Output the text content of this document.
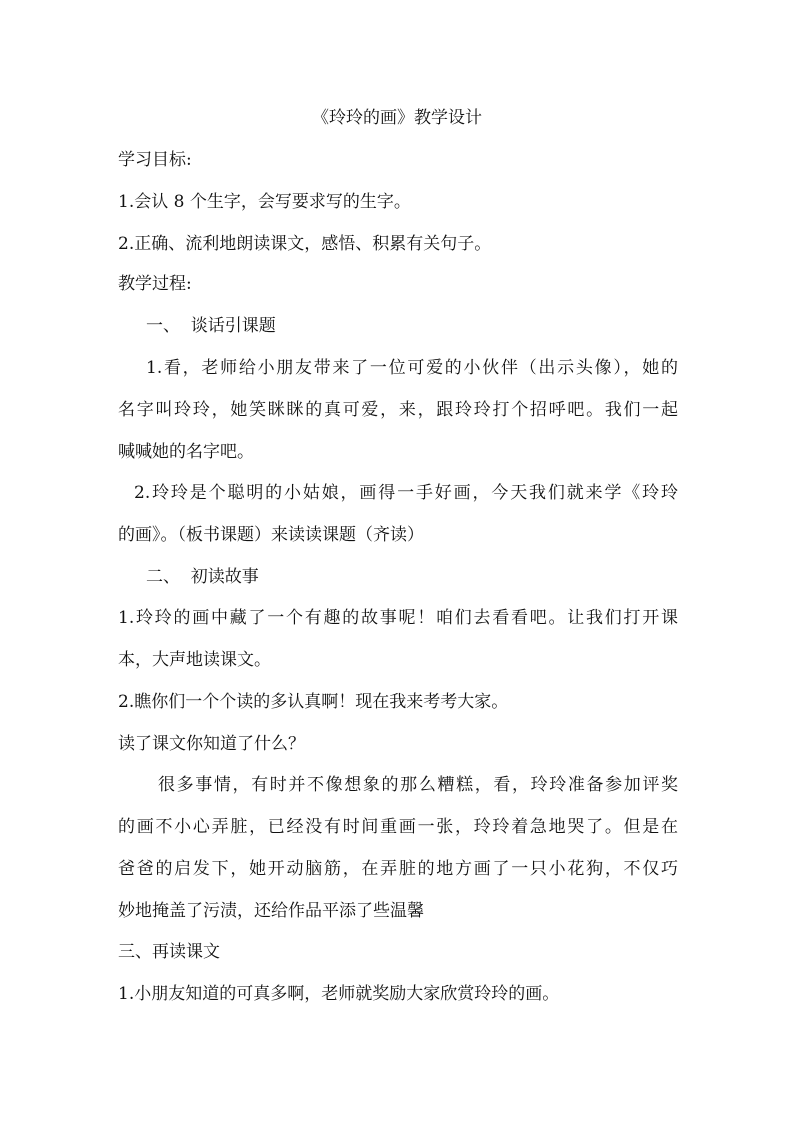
《玲玲的画》教学设计
学习目标:
1.会认 8 个生字，会写要求写的生字。
2.正确、流利地朗读课文，感悟、积累有关句子。
教学过程:
一、  谈话引课题
1.看，老师给小朋友带来了一位可爱的小伙伴（出示头像），她的
名字叫玲玲，她笑眯眯的真可爱，来，跟玲玲打个招呼吧。我们一起
喊喊她的名字吧。
2.玲玲是个聪明的小姑娘，画得一手好画，今天我们就来学《玲玲
的画》。（板书课题）来读读课题（齐读）
二、  初读故事
1.玲玲的画中藏了一个有趣的故事呢！咱们去看看吧。让我们打开课
本，大声地读课文。
2.瞧你们一个个读的多认真啊！现在我来考考大家。
读了课文你知道了什么？
很多事情，有时并不像想象的那么糟糕，看，玲玲准备参加评奖
的画不小心弄脏，已经没有时间重画一张，玲玲着急地哭了。但是在
爸爸的启发下，她开动脑筋，在弄脏的地方画了一只小花狗，不仅巧
妙地掩盖了污渍，还给作品平添了些温馨
三、再读课文
1.小朋友知道的可真多啊，老师就奖励大家欣赏玲玲的画。
